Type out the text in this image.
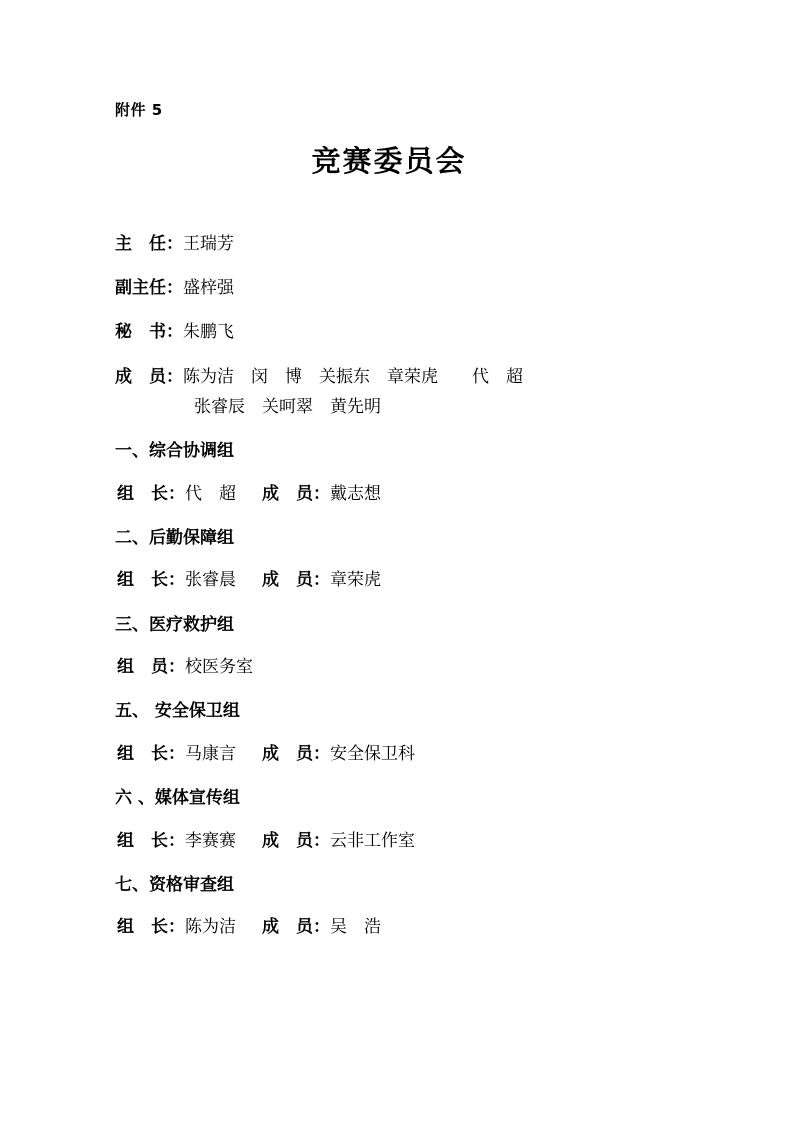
附件 5
竞赛委员会
主　任： 王瑞芳
副主任： 盛梓强
秘　书： 朱鹏飞
成　员： 陈为洁　闵　博　关振东　章荣虎　　代　超
张睿辰　关呵翠　黄先明
一、综合协调组
组　长： 代　超 成　员： 戴志想
二、后勤保障组
组　长： 张睿晨 成　员： 章荣虎
三、医疗救护组
组　员： 校医务室
五、 安全保卫组
组　长： 马康言 成　员： 安全保卫科
六 、媒体宣传组
组　长： 李赛赛 成　员： 云非工作室
七、资格审查组
组　长： 陈为洁 成　员： 吴　浩
